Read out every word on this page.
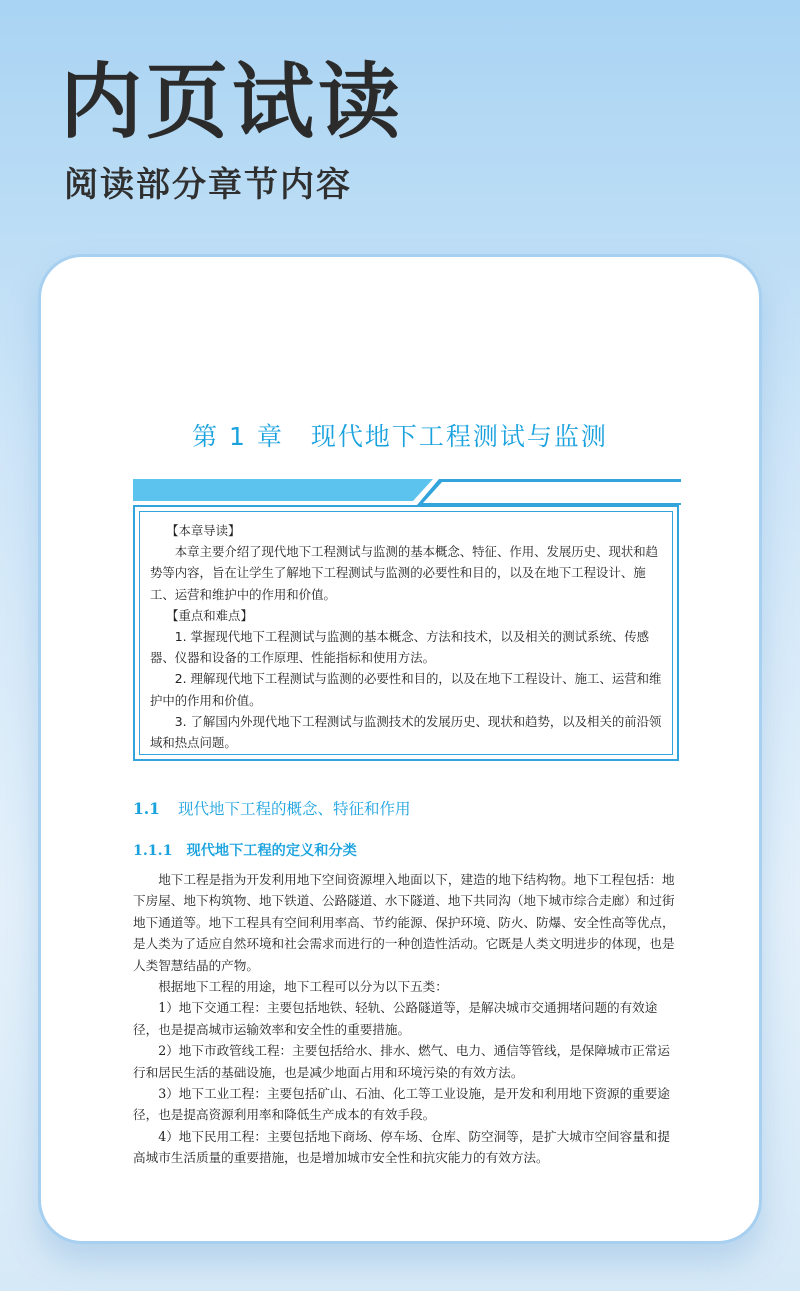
内页试读
阅读部分章节内容
第 1 章　现代地下工程测试与监测

【本章导读】

本章主要介绍了现代地下工程测试与监测的基本概念、特征、作用、发展历史、现状和趋势等内容，旨在让学生了解地下工程测试与监测的必要性和目的，以及在地下工程设计、施工、运营和维护中的作用和价值。

【重点和难点】

1. 掌握现代地下工程测试与监测的基本概念、方法和技术，以及相关的测试系统、传感器、仪器和设备的工作原理、性能指标和使用方法。

2. 理解现代地下工程测试与监测的必要性和目的，以及在地下工程设计、施工、运营和维护中的作用和价值。

3. 了解国内外现代地下工程测试与监测技术的发展历史、现状和趋势，以及相关的前沿领域和热点问题。

1.1 现代地下工程的概念、特征和作用
1.1.1 现代地下工程的定义和分类

地下工程是指为开发利用地下空间资源埋入地面以下，建造的地下结构物。地下工程包括：地下房屋、地下构筑物、地下铁道、公路隧道、水下隧道、地下共同沟（地下城市综合走廊）和过街地下通道等。地下工程具有空间利用率高、节约能源、保护环境、防火、防爆、安全性高等优点，是人类为了适应自然环境和社会需求而进行的一种创造性活动。它既是人类文明进步的体现，也是人类智慧结晶的产物。

根据地下工程的用途，地下工程可以分为以下五类：

1）地下交通工程：主要包括地铁、轻轨、公路隧道等，是解决城市交通拥堵问题的有效途径，也是提高城市运输效率和安全性的重要措施。

2）地下市政管线工程：主要包括给水、排水、燃气、电力、通信等管线，是保障城市正常运行和居民生活的基础设施，也是减少地面占用和环境污染的有效方法。

3）地下工业工程：主要包括矿山、石油、化工等工业设施，是开发和利用地下资源的重要途径，也是提高资源利用率和降低生产成本的有效手段。

4）地下民用工程：主要包括地下商场、停车场、仓库、防空洞等，是扩大城市空间容量和提高城市生活质量的重要措施，也是增加城市安全性和抗灾能力的有效方法。
